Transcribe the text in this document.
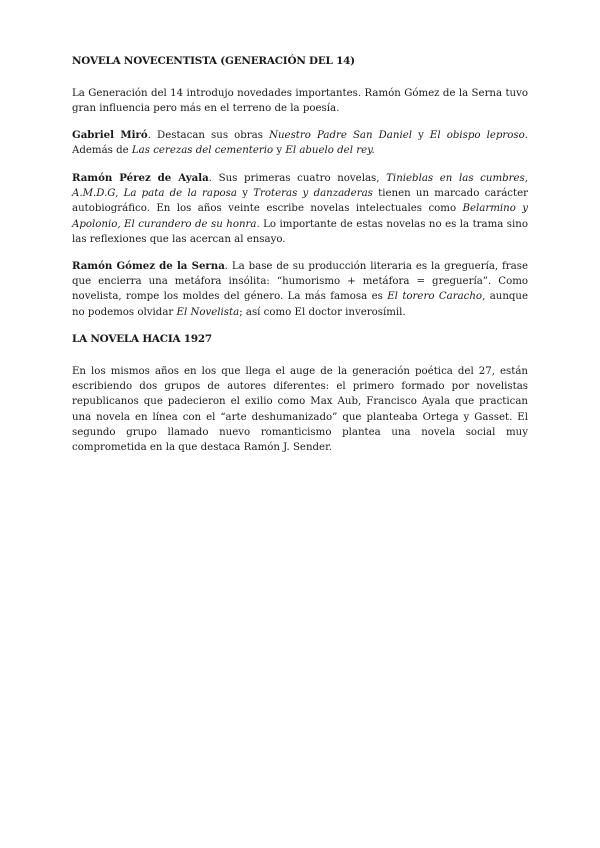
NOVELA NOVECENTISTA (GENERACIÓN DEL 14)

La Generación del 14 introdujo novedades importantes. Ramón Gómez de la Serna tuvo gran influencia pero más en el terreno de la poesía.

Gabriel Miró. Destacan sus obras Nuestro Padre San Daniel y El obispo leproso. Además de Las cerezas del cementerio y El abuelo del rey.

Ramón Pérez de Ayala. Sus primeras cuatro novelas, Tinieblas en las cumbres, A.M.D.G, La pata de la raposa y Troteras y danzaderas tienen un marcado carácter autobiográfico. En los años veinte escribe novelas intelectuales como Belarmino y Apolonio, El curandero de su honra. Lo importante de estas novelas no es la trama sino las reflexiones que las acercan al ensayo.

Ramón Gómez de la Serna. La base de su producción literaria es la greguería, frase que encierra una metáfora insólita: “humorismo + metáfora = greguería”. Como novelista, rompe los moldes del género. La más famosa es El torero Caracho, aunque no podemos olvidar El Novelista; así como El doctor inverosímil.

LA NOVELA HACIA 1927

En los mismos años en los que llega el auge de la generación poética del 27, están escribiendo dos grupos de autores diferentes: el primero formado por novelistas republicanos que padecieron el exilio como Max Aub, Francisco Ayala que practican una novela en línea con el “arte deshumanizado” que planteaba Ortega y Gasset. El segundo grupo llamado nuevo romanticismo plantea una novela social muy comprometida en la que destaca Ramón J. Sender.
